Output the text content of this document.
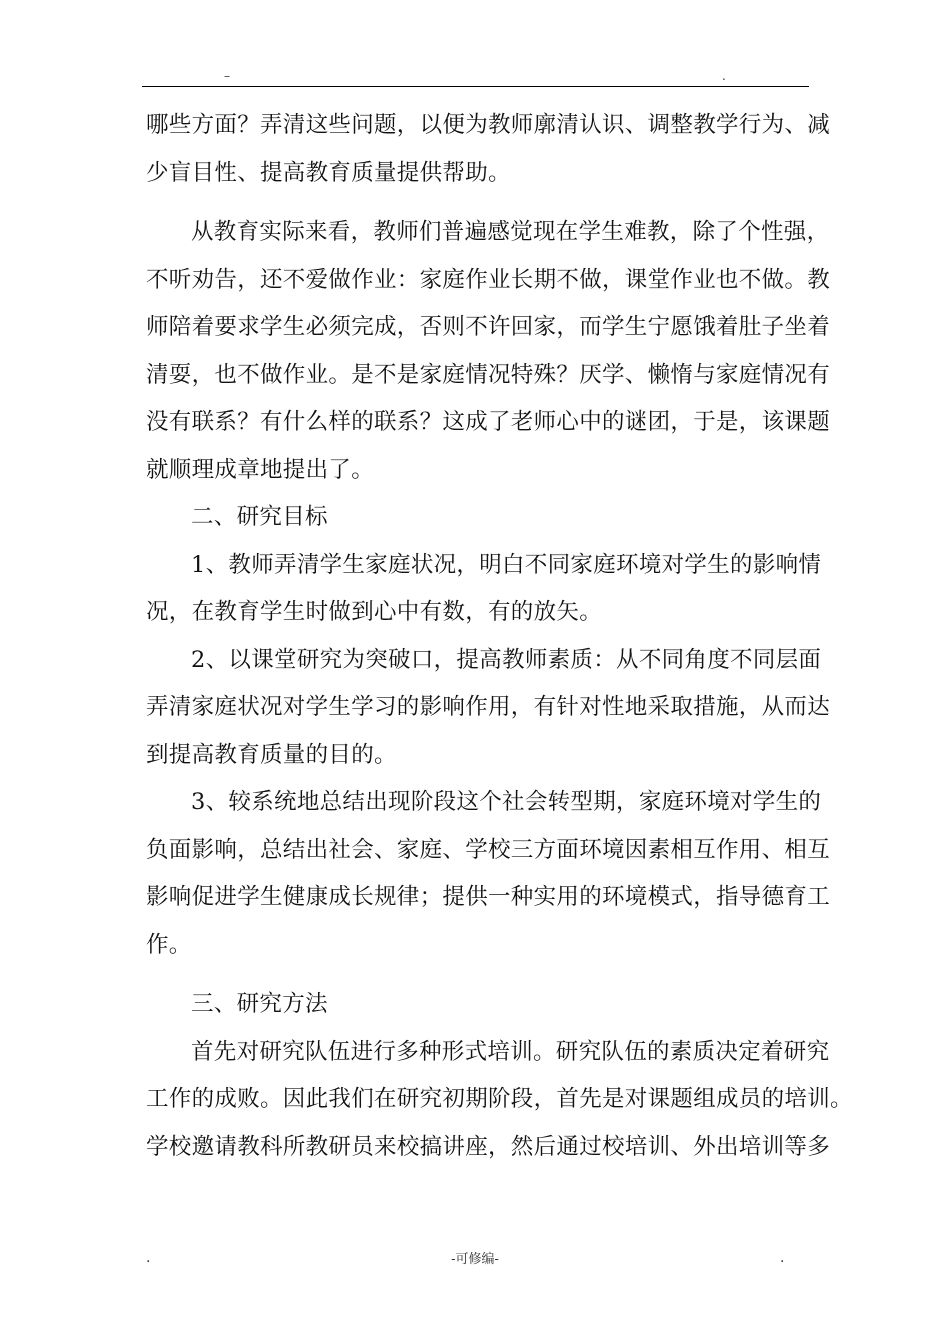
–	.

哪些方面？弄清这些问题，以便为教师廓清认识、调整教学行为、减
少盲目性、提高教育质量提供帮助。

从教育实际来看，教师们普遍感觉现在学生难教，除了个性强，
不听劝告，还不爱做作业：家庭作业长期不做，课堂作业也不做。教
师陪着要求学生必须完成，否则不许回家，而学生宁愿饿着肚子坐着
清耍，也不做作业。是不是家庭情况特殊？厌学、懒惰与家庭情况有
没有联系？有什么样的联系？这成了老师心中的谜团，于是，该课题
就顺理成章地提出了。

二、研究目标

1、教师弄清学生家庭状况，明白不同家庭环境对学生的影响情
况，在教育学生时做到心中有数，有的放矢。

2、以课堂研究为突破口，提高教师素质：从不同角度不同层面
弄清家庭状况对学生学习的影响作用，有针对性地采取措施，从而达
到提高教育质量的目的。

3、较系统地总结出现阶段这个社会转型期，家庭环境对学生的
负面影响，总结出社会、家庭、学校三方面环境因素相互作用、相互
影响促进学生健康成长规律；提供一种实用的环境模式，指导德育工
作。

三、研究方法

首先对研究队伍进行多种形式培训。研究队伍的素质决定着研究
工作的成败。因此我们在研究初期阶段，首先是对课题组成员的培训。
学校邀请教科所教研员来校搞讲座，然后通过校培训、外出培训等多

.	-可修编-	.
